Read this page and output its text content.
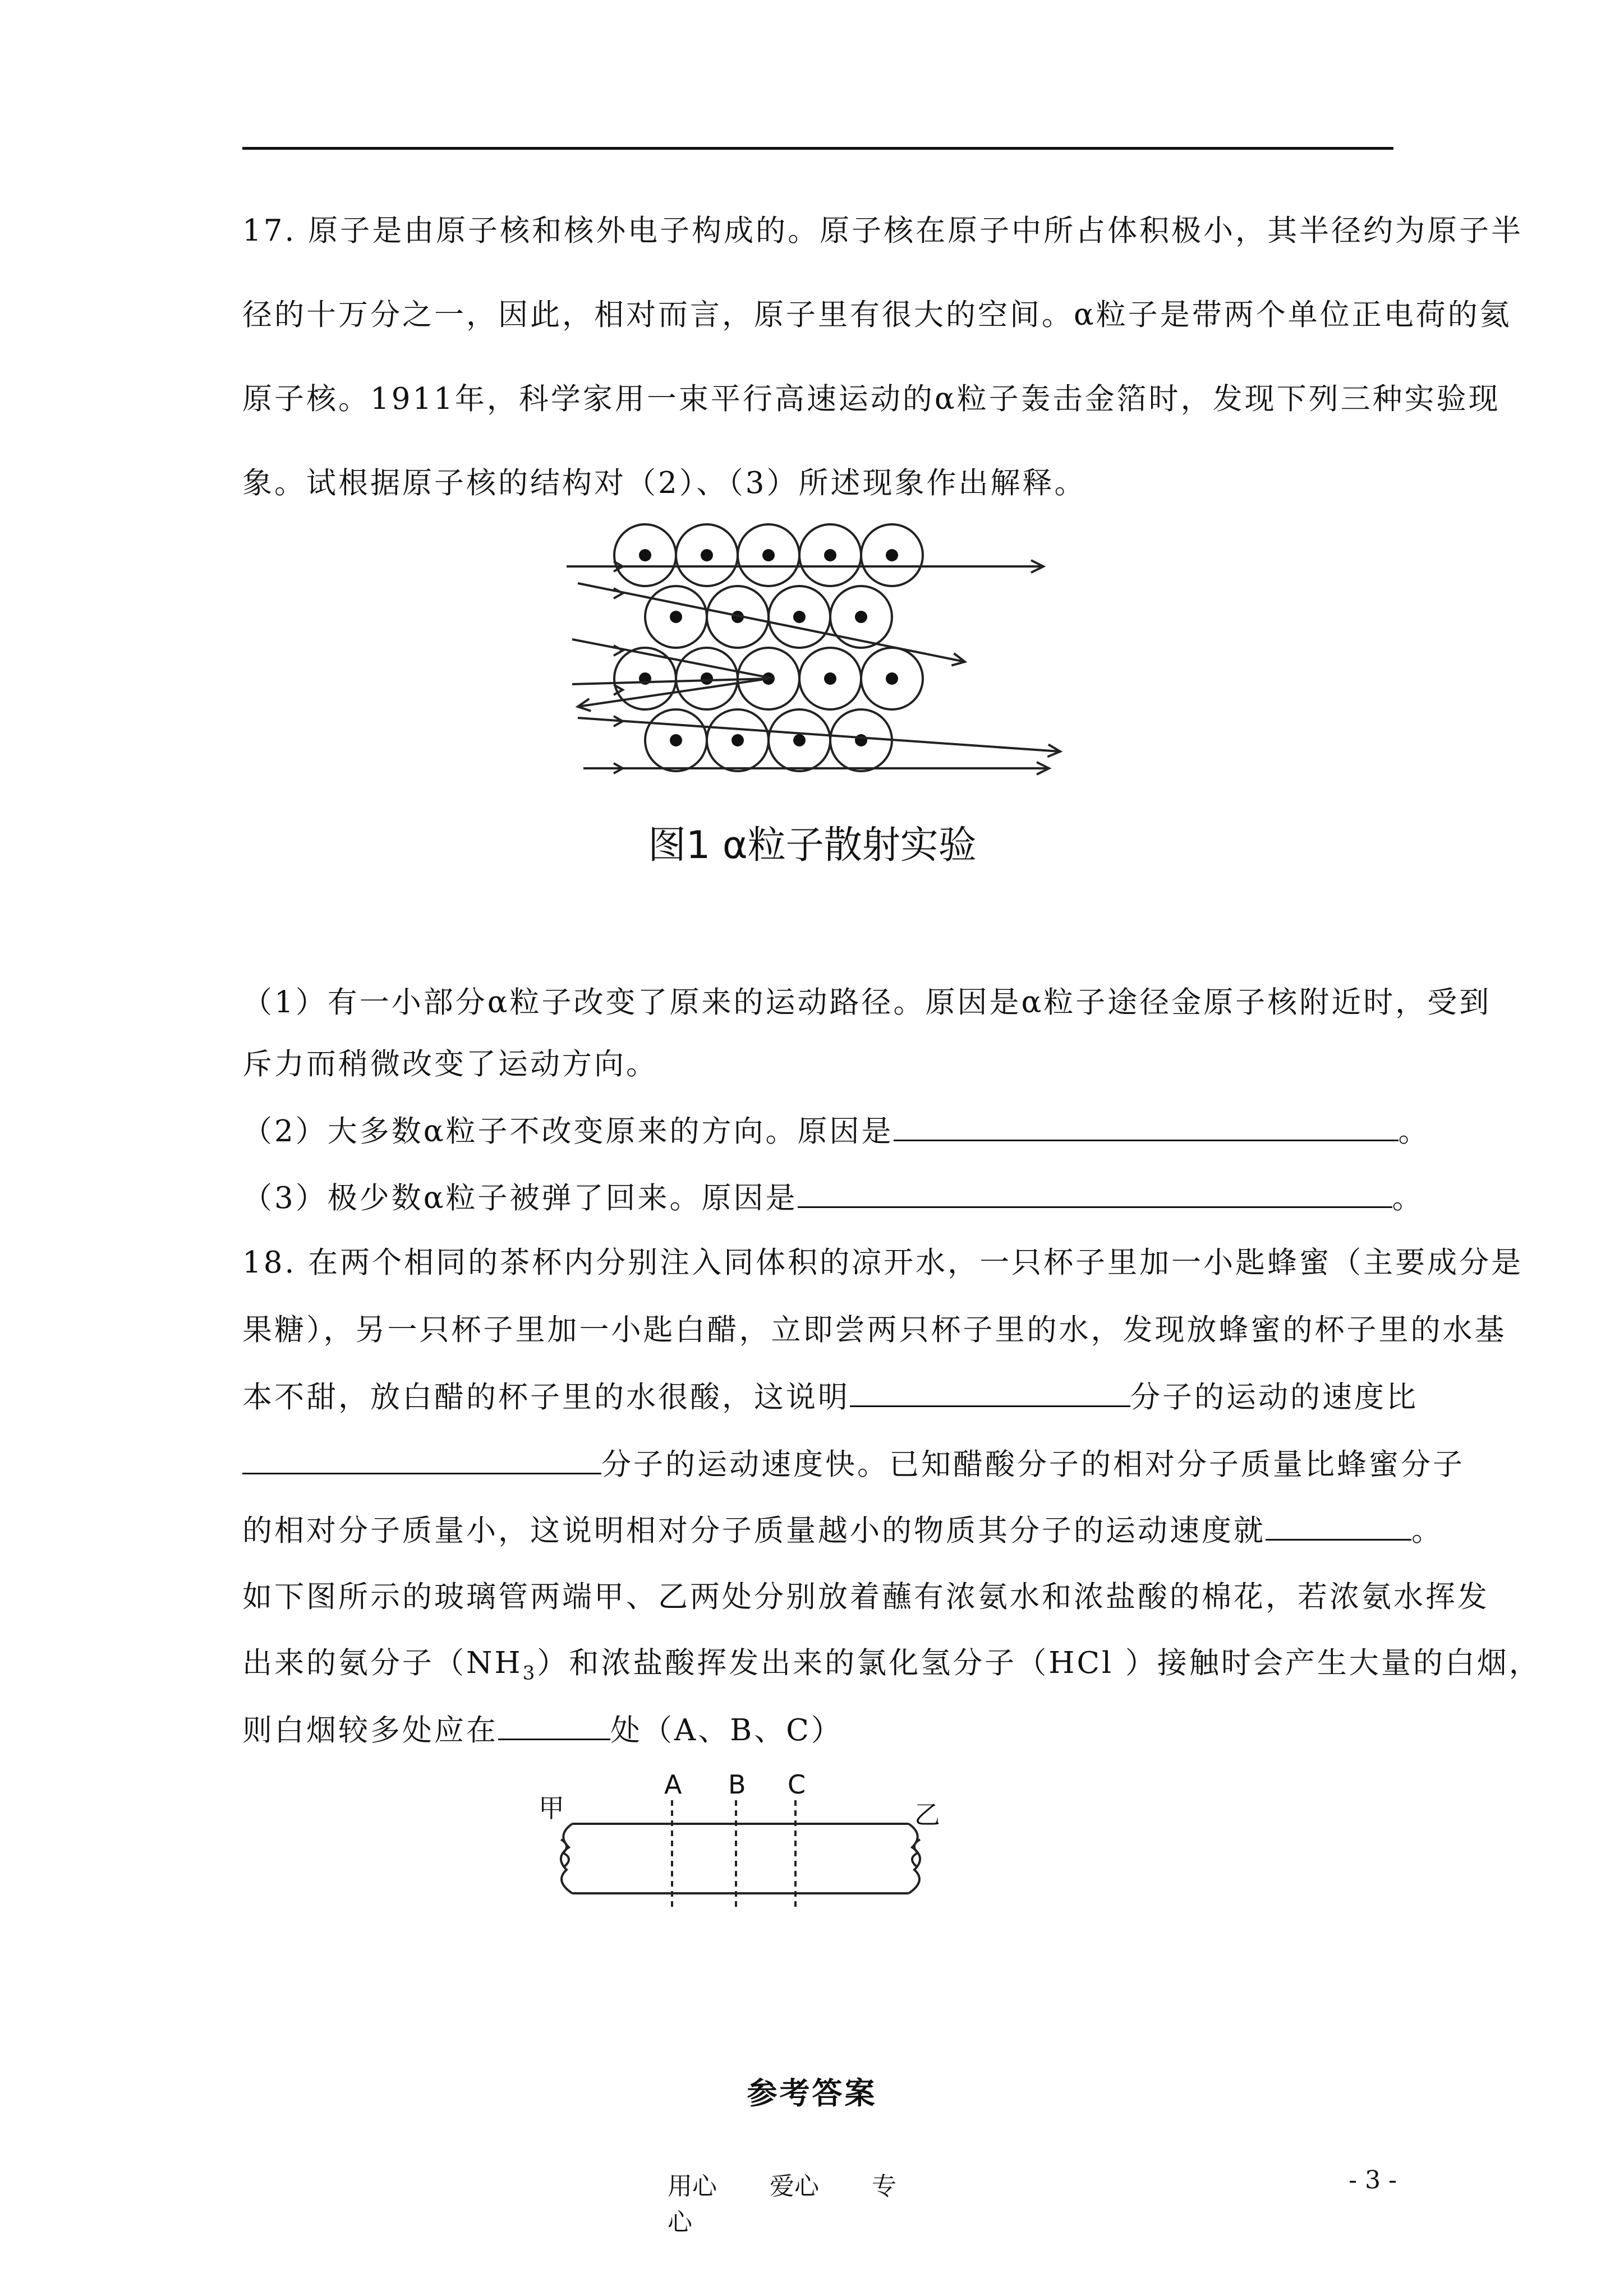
17. 原子是由原子核和核外电子构成的。原子核在原子中所占体积极小，其半径约为原子半
径的十万分之一，因此，相对而言，原子里有很大的空间。α粒子是带两个单位正电荷的氦
原子核。1911年，科学家用一束平行高速运动的α粒子轰击金箔时，发现下列三种实验现
象。试根据原子核的结构对（2）、（3）所述现象作出解释。
图1 α粒子散射实验
（1）有一小部分α粒子改变了原来的运动路径。原因是α粒子途径金原子核附近时，受到
斥力而稍微改变了运动方向。
（2）大多数α粒子不改变原来的方向。原因是	。
（3）极少数α粒子被弹了回来。原因是	。
18. 在两个相同的茶杯内分别注入同体积的凉开水，一只杯子里加一小匙蜂蜜（主要成分是
果糖），另一只杯子里加一小匙白醋，立即尝两只杯子里的水，发现放蜂蜜的杯子里的水基
本不甜，放白醋的杯子里的水很酸，这说明	分子的运动的速度比
分子的运动速度快。已知醋酸分子的相对分子质量比蜂蜜分子
的相对分子质量小，这说明相对分子质量越小的物质其分子的运动速度就	。
如下图所示的玻璃管两端甲、乙两处分别放着蘸有浓氨水和浓盐酸的棉花，若浓氨水挥发
出来的氨分子$(NH_3)$和浓盐酸挥发出来的氯化氢分子（HCl ）接触时会产生大量的白烟，
则白烟较多处应在	处（A、B、C）
甲	乙
A B C
参考答案
用心 爱心 专心
- 3 -
